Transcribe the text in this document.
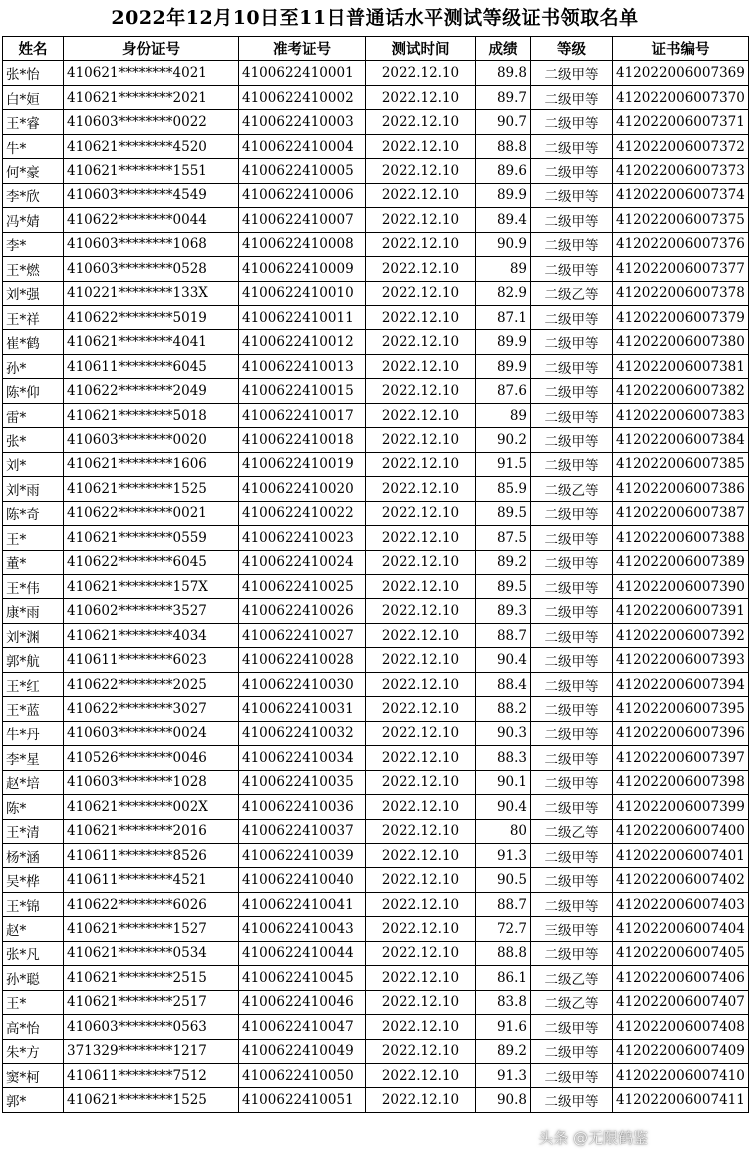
2022年12月10日至11日普通话水平测试等级证书领取名单
姓名	身份证号	准考证号	测试时间	成绩	等级	证书编号
张*怡	410621********4021	4100622410001	2022.12.10	89.8	二级甲等	412022006007369
白*姮	410621********2021	4100622410002	2022.12.10	89.7	二级甲等	412022006007370
王*睿	410603********0022	4100622410003	2022.12.10	90.7	二级甲等	412022006007371
牛*	410621********4520	4100622410004	2022.12.10	88.8	二级甲等	412022006007372
何*豪	410621********1551	4100622410005	2022.12.10	89.6	二级甲等	412022006007373
李*欣	410603********4549	4100622410006	2022.12.10	89.9	二级甲等	412022006007374
冯*婧	410622********0044	4100622410007	2022.12.10	89.4	二级甲等	412022006007375
李*	410603********1068	4100622410008	2022.12.10	90.9	二级甲等	412022006007376
王*燃	410603********0528	4100622410009	2022.12.10	89	二级甲等	412022006007377
刘*强	410221********133X	4100622410010	2022.12.10	82.9	二级乙等	412022006007378
王*祥	410622********5019	4100622410011	2022.12.10	87.1	二级甲等	412022006007379
崔*鹤	410621********4041	4100622410012	2022.12.10	89.9	二级甲等	412022006007380
孙*	410611********6045	4100622410013	2022.12.10	89.9	二级甲等	412022006007381
陈*仰	410622********2049	4100622410015	2022.12.10	87.6	二级甲等	412022006007382
雷*	410621********5018	4100622410017	2022.12.10	89	二级甲等	412022006007383
张*	410603********0020	4100622410018	2022.12.10	90.2	二级甲等	412022006007384
刘*	410621********1606	4100622410019	2022.12.10	91.5	二级甲等	412022006007385
刘*雨	410621********1525	4100622410020	2022.12.10	85.9	二级乙等	412022006007386
陈*奇	410622********0021	4100622410022	2022.12.10	89.5	二级甲等	412022006007387
王*	410621********0559	4100622410023	2022.12.10	87.5	二级甲等	412022006007388
董*	410622********6045	4100622410024	2022.12.10	89.2	二级甲等	412022006007389
王*伟	410621********157X	4100622410025	2022.12.10	89.5	二级甲等	412022006007390
康*雨	410602********3527	4100622410026	2022.12.10	89.3	二级甲等	412022006007391
刘*渊	410621********4034	4100622410027	2022.12.10	88.7	二级甲等	412022006007392
郭*航	410611********6023	4100622410028	2022.12.10	90.4	二级甲等	412022006007393
王*红	410622********2025	4100622410030	2022.12.10	88.4	二级甲等	412022006007394
王*蓝	410622********3027	4100622410031	2022.12.10	88.2	二级甲等	412022006007395
牛*丹	410603********0024	4100622410032	2022.12.10	90.3	二级甲等	412022006007396
李*星	410526********0046	4100622410034	2022.12.10	88.3	二级甲等	412022006007397
赵*培	410603********1028	4100622410035	2022.12.10	90.1	二级甲等	412022006007398
陈*	410621********002X	4100622410036	2022.12.10	90.4	二级甲等	412022006007399
王*清	410621********2016	4100622410037	2022.12.10	80	二级乙等	412022006007400
杨*涵	410611********8526	4100622410039	2022.12.10	91.3	二级甲等	412022006007401
吴*桦	410611********4521	4100622410040	2022.12.10	90.5	二级甲等	412022006007402
王*锦	410622********6026	4100622410041	2022.12.10	88.7	二级甲等	412022006007403
赵*	410621********1527	4100622410043	2022.12.10	72.7	三级甲等	412022006007404
张*凡	410621********0534	4100622410044	2022.12.10	88.8	二级甲等	412022006007405
孙*聪	410621********2515	4100622410045	2022.12.10	86.1	二级乙等	412022006007406
王*	410621********2517	4100622410046	2022.12.10	83.8	二级乙等	412022006007407
高*怡	410603********0563	4100622410047	2022.12.10	91.6	二级甲等	412022006007408
朱*方	371329********1217	4100622410049	2022.12.10	89.2	二级甲等	412022006007409
窦*柯	410611********7512	4100622410050	2022.12.10	91.3	二级甲等	412022006007410
郭*	410621********1525	4100622410051	2022.12.10	90.8	二级甲等	412022006007411
头条 @无限鹤鉴
